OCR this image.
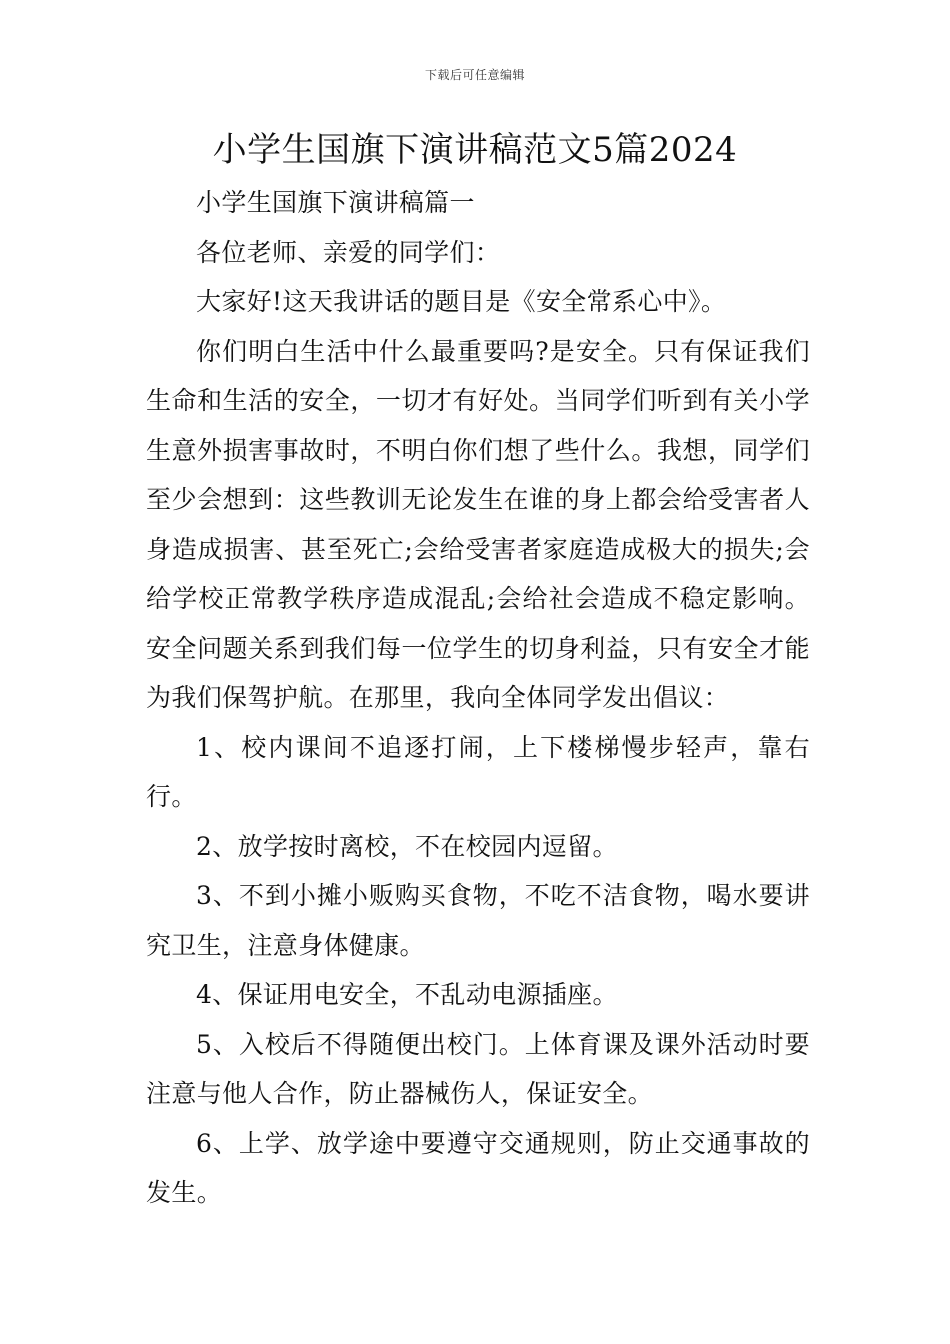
下载后可任意编辑
小学生国旗下演讲稿范文5篇2024

小学生国旗下演讲稿篇一

各位老师、亲爱的同学们：

大家好!这天我讲话的题目是《安全常系心中》。

你们明白生活中什么最重要吗?是安全。只有保证我们生命和生活的安全，一切才有好处。当同学们听到有关小学生意外损害事故时，不明白你们想了些什么。我想，同学们至少会想到：这些教训无论发生在谁的身上都会给受害者人身造成损害、甚至死亡;会给受害者家庭造成极大的损失;会给学校正常教学秩序造成混乱;会给社会造成不稳定影响。安全问题关系到我们每一位学生的切身利益，只有安全才能为我们保驾护航。在那里，我向全体同学发出倡议：

1、校内课间不追逐打闹，上下楼梯慢步轻声，靠右行。

2、放学按时离校，不在校园内逗留。

3、不到小摊小贩购买食物，不吃不洁食物，喝水要讲究卫生，注意身体健康。

4、保证用电安全，不乱动电源插座。

5、入校后不得随便出校门。上体育课及课外活动时要注意与他人合作，防止器械伤人，保证安全。

6、上学、放学途中要遵守交通规则，防止交通事故的发生。
